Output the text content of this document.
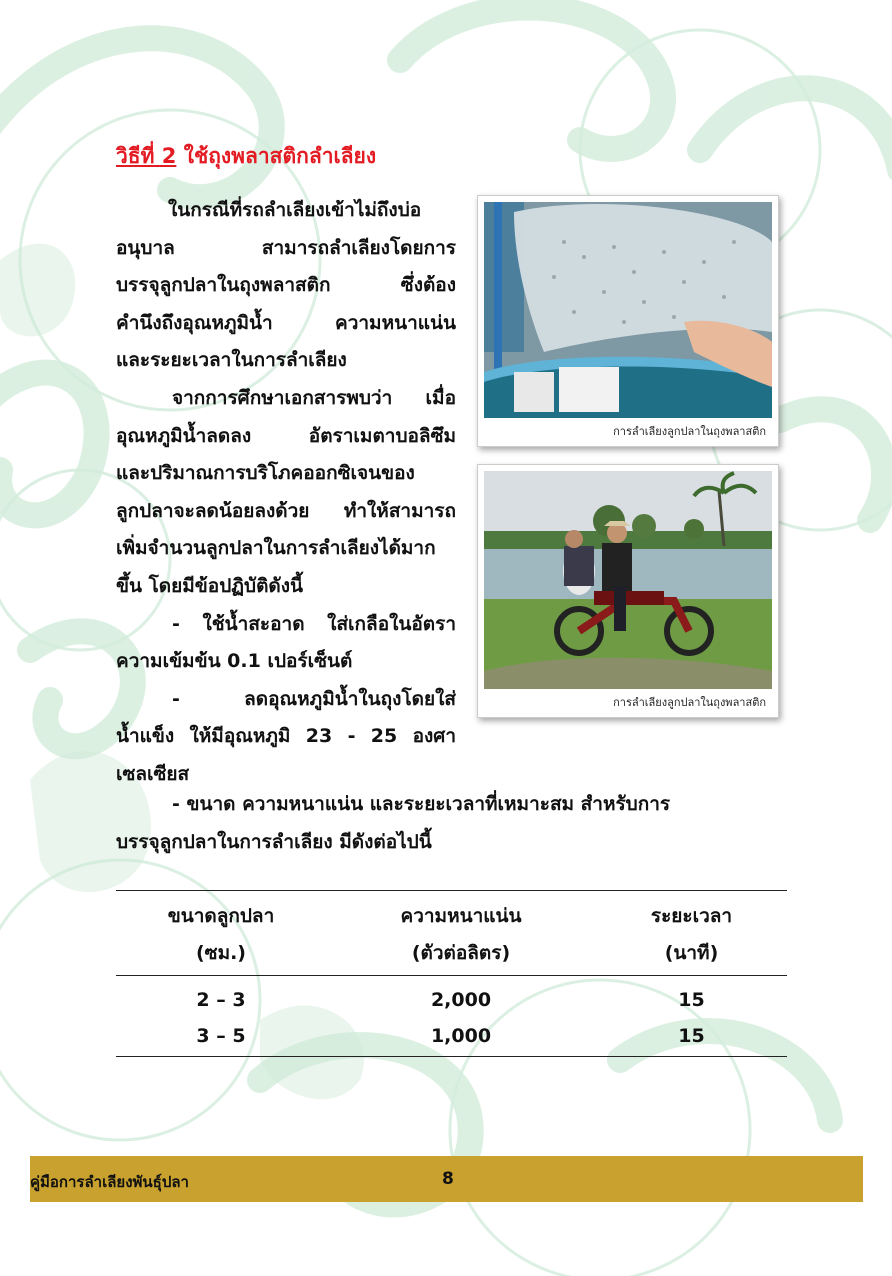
วิธีที่ 2 ใช้ถุงพลาสติกลำเลียง

ในกรณีที่รถลำเลียงเข้าไม่ถึงบ่อ

อนุบาล สามารถลำเลียงโดยการ

บรรจุลูกปลาในถุงพลาสติก ซึ่งต้อง

คำนึงถึงอุณหภูมิน้ำ ความหนาแน่น

และระยะเวลาในการลำเลียง

จากการศึกษาเอกสารพบว่า เมื่อ

อุณหภูมิน้ำลดลง อัตราเมตาบอลิซึม

และปริมาณการบริโภคออกซิเจนของ

ลูกปลาจะลดน้อยลงด้วย ทำให้สามารถ

เพิ่มจำนวนลูกปลาในการลำเลียงได้มาก

ขึ้น โดยมีข้อปฏิบัติดังนี้

- ใช้น้ำสะอาด ใส่เกลือในอัตรา

ความเข้มข้น 0.1 เปอร์เซ็นต์

- ลดอุณหภูมิน้ำในถุงโดยใส่

น้ำแข็ง ให้มีอุณหภูมิ 23 - 25 องศา

เซลเซียส

การลำเลียงลูกปลาในถุงพลาสติก
การลำเลียงลูกปลาในถุงพลาสติก

- ขนาด ความหนาแน่น และระยะเวลาที่เหมาะสม สำหรับการ

บรรจุลูกปลาในการลำเลียง มีดังต่อไปนี้

ขนาดลูกปลา	ความหนาแน่น	ระยะเวลา
(ซม.)	(ตัวต่อลิตร)	(นาที)
2 – 3	2,000	15
3 – 5	1,000	15
คู่มือการลำเลียงพันธุ์ปลา	8
